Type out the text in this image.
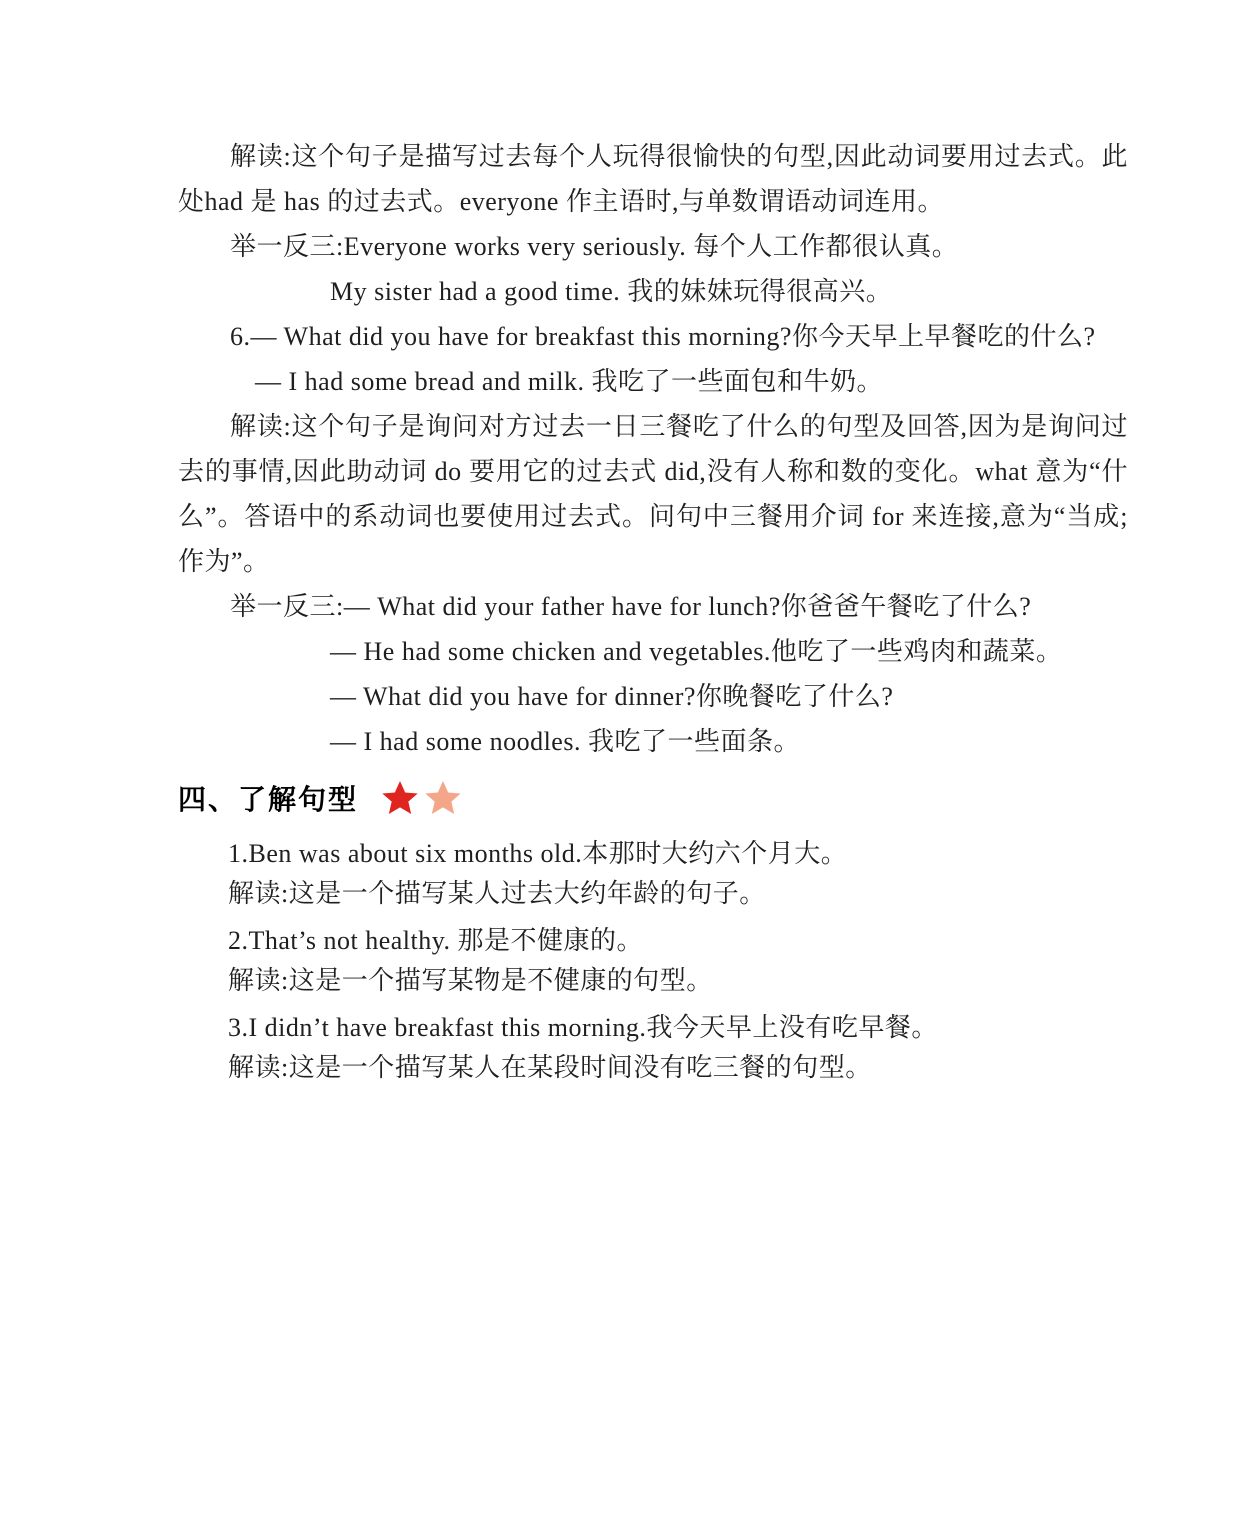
解读:这个句子是描写过去每个人玩得很愉快的句型,因此动词要用过去式。此处had 是 has 的过去式。everyone 作主语时,与单数谓语动词连用。

举一反三:Everyone works very seriously. 每个人工作都很认真。

My sister had a good time. 我的妹妹玩得很高兴。

6.— What did you have for breakfast this morning?你今天早上早餐吃的什么?

— I had some bread and milk. 我吃了一些面包和牛奶。

解读:这个句子是询问对方过去一日三餐吃了什么的句型及回答,因为是询问过去的事情,因此助动词 do 要用它的过去式 did,没有人称和数的变化。what 意为“什么”。答语中的系动词也要使用过去式。问句中三餐用介词 for 来连接,意为“当成;作为”。

举一反三:— What did your father have for lunch?你爸爸午餐吃了什么?

— He had some chicken and vegetables.他吃了一些鸡肉和蔬菜。

— What did you have for dinner?你晚餐吃了什么?

— I had some noodles. 我吃了一些面条。

四、了解句型

1.Ben was about six months old.本那时大约六个月大。

解读:这是一个描写某人过去大约年龄的句子。

2.That’s not healthy. 那是不健康的。

解读:这是一个描写某物是不健康的句型。

3.I didn’t have breakfast this morning.我今天早上没有吃早餐。

解读:这是一个描写某人在某段时间没有吃三餐的句型。
